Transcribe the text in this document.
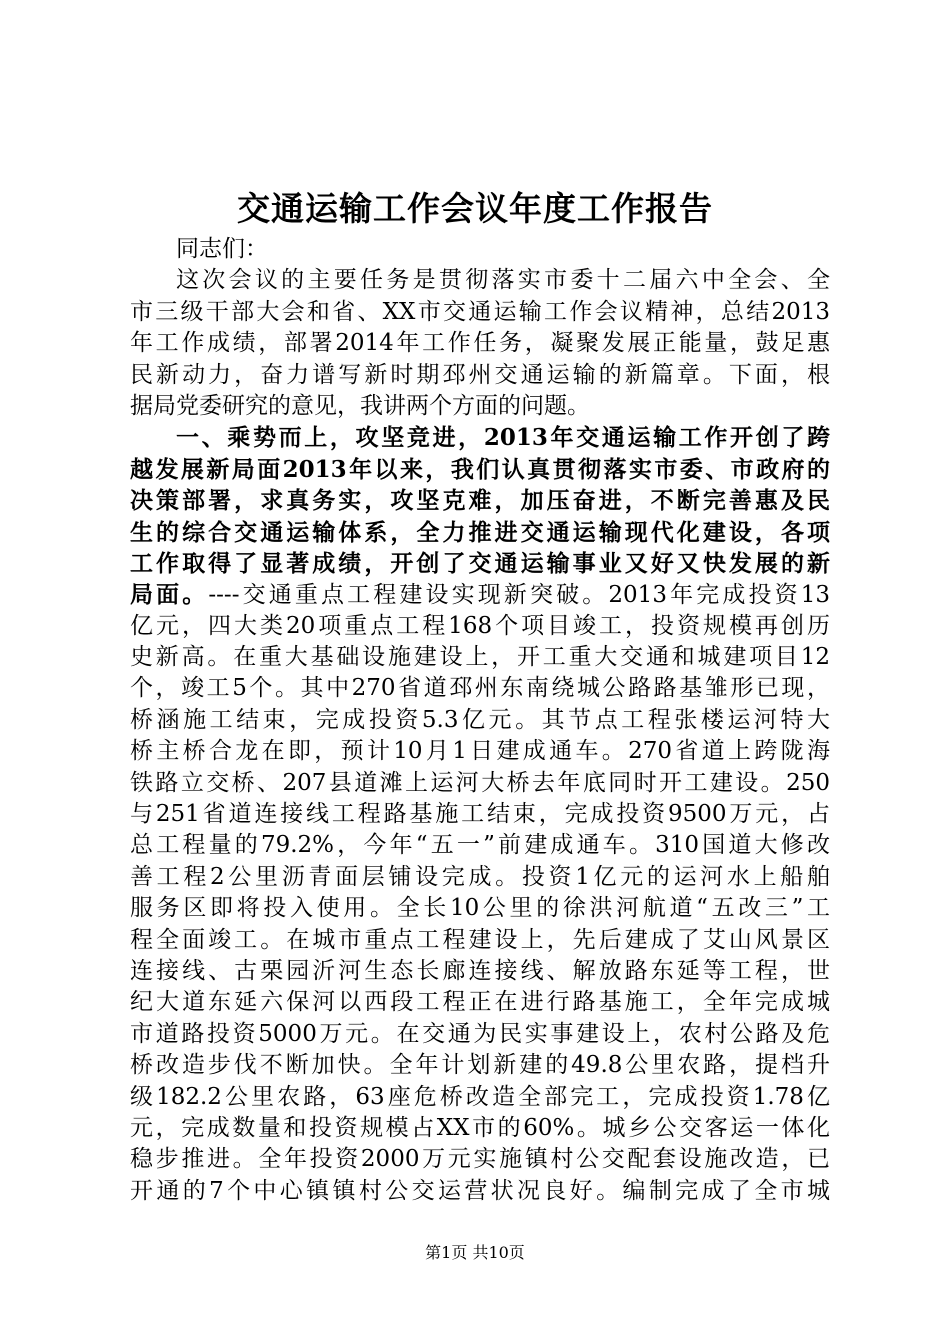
交通运输工作会议年度工作报告
同志们：
这次会议的主要任务是贯彻落实市委十二届六中全会、全
市三级干部大会和省、XX市交通运输工作会议精神，总结2013
年工作成绩，部署2014年工作任务，凝聚发展正能量，鼓足惠
民新动力，奋力谱写新时期邳州交通运输的新篇章。下面，根
据局党委研究的意见，我讲两个方面的问题。
一、乘势而上，攻坚竞进，2013年交通运输工作开创了跨
越发展新局面2013年以来，我们认真贯彻落实市委、市政府的
决策部署，求真务实，攻坚克难，加压奋进，不断完善惠及民
生的综合交通运输体系，全力推进交通运输现代化建设，各项
工作取得了显著成绩，开创了交通运输事业又好又快发展的新
局面。----交通重点工程建设实现新突破。2013年完成投资13
亿元，四大类20项重点工程168个项目竣工，投资规模再创历
史新高。在重大基础设施建设上，开工重大交通和城建项目12
个，竣工5个。其中270省道邳州东南绕城公路路基雏形已现，
桥涵施工结束，完成投资5.3亿元。其节点工程张楼运河特大
桥主桥合龙在即，预计10月1日建成通车。270省道上跨陇海
铁路立交桥、207县道滩上运河大桥去年底同时开工建设。250
与251省道连接线工程路基施工结束，完成投资9500万元，占
总工程量的79.2%，今年“五一”前建成通车。310国道大修改
善工程2公里沥青面层铺设完成。投资1亿元的运河水上船舶
服务区即将投入使用。全长10公里的徐洪河航道“五改三”工
程全面竣工。在城市重点工程建设上，先后建成了艾山风景区
连接线、古栗园沂河生态长廊连接线、解放路东延等工程，世
纪大道东延六保河以西段工程正在进行路基施工，全年完成城
市道路投资5000万元。在交通为民实事建设上，农村公路及危
桥改造步伐不断加快。全年计划新建的49.8公里农路，提档升
级182.2公里农路，63座危桥改造全部完工，完成投资1.78亿
元，完成数量和投资规模占XX市的60%。城乡公交客运一体化
稳步推进。全年投资2000万元实施镇村公交配套设施改造，已
开通的7个中心镇镇村公交运营状况良好。编制完成了全市城
第1页 共10页
